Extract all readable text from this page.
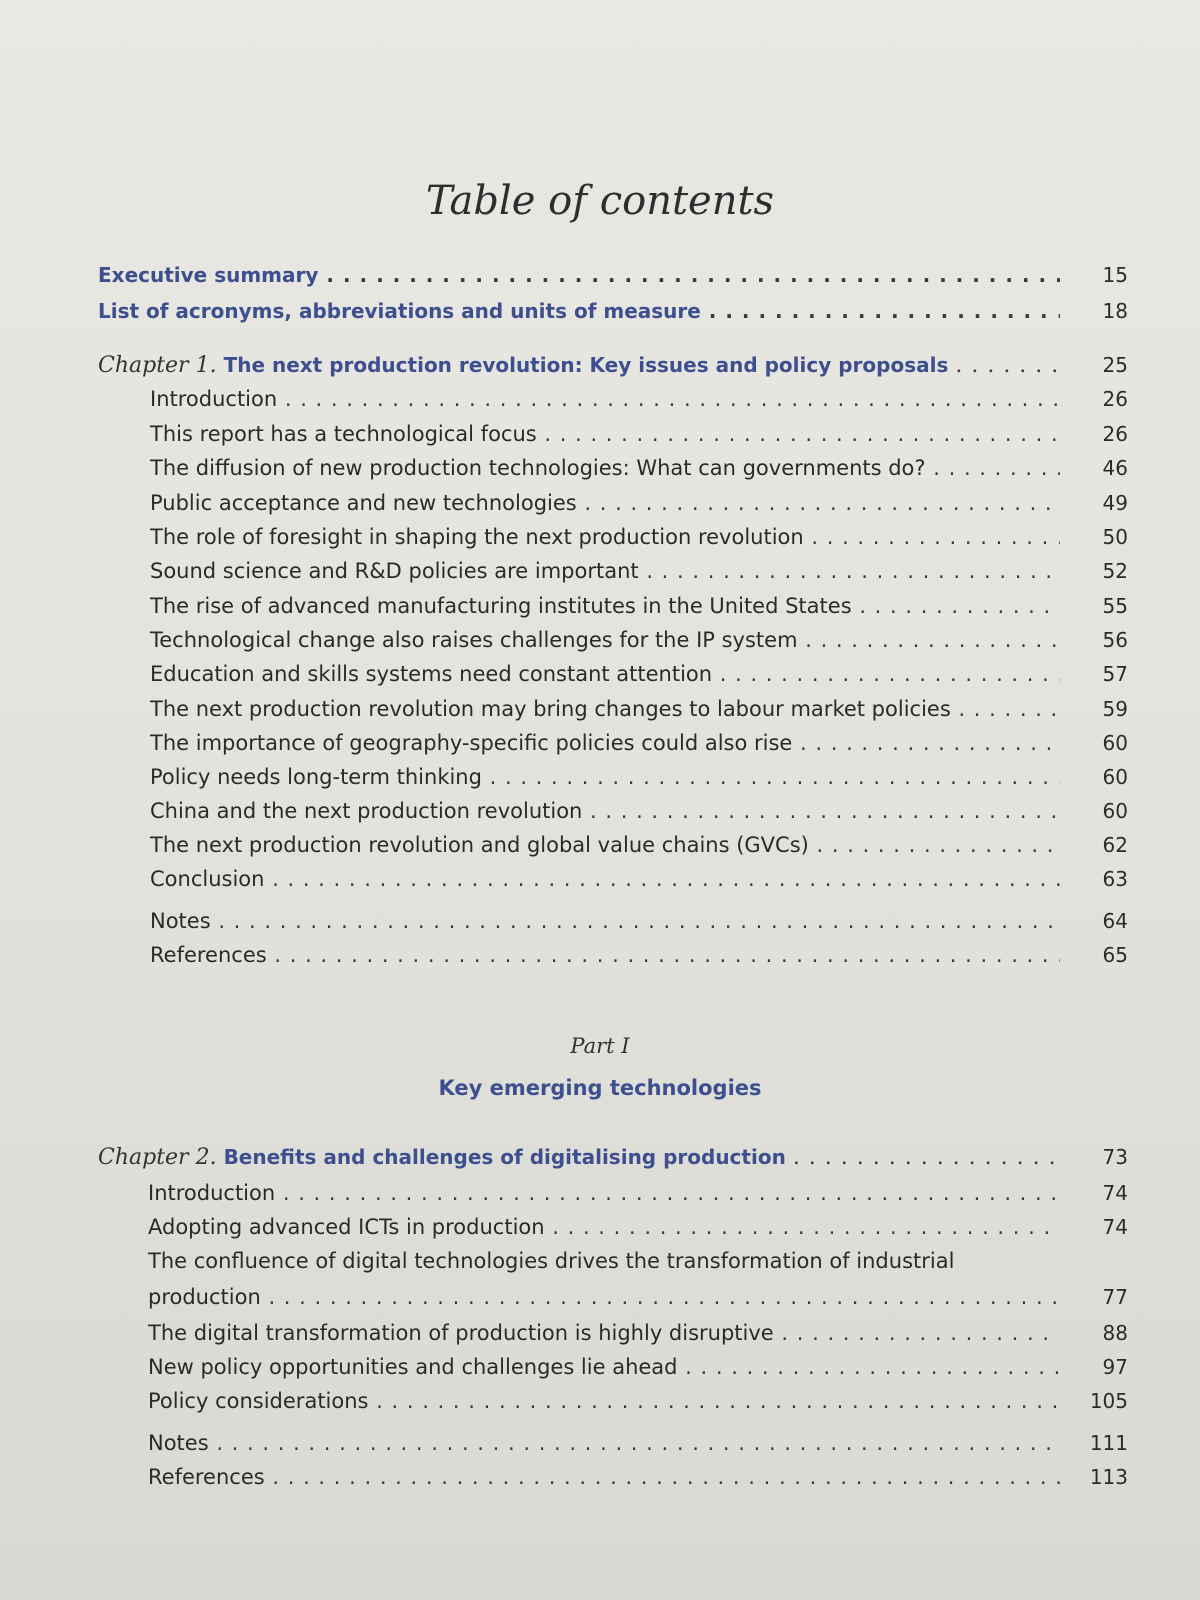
Table of contents
Executive summary . . .	15
List of acronyms, abbreviations and units of measure . . .	18
Chapter 1. The next production revolution: Key issues and policy proposals . . .	25
Introduction . . .	26
This report has a technological focus . . .	26
The diffusion of new production technologies: What can governments do? . . .	46
Public acceptance and new technologies . . .	49
The role of foresight in shaping the next production revolution . . .	50
Sound science and R&D policies are important . . .	52
The rise of advanced manufacturing institutes in the United States . . .	55
Technological change also raises challenges for the IP system . . .	56
Education and skills systems need constant attention . . .	57
The next production revolution may bring changes to labour market policies . . .	59
The importance of geography-specific policies could also rise . . .	60
Policy needs long-term thinking . . .	60
China and the next production revolution . . .	60
The next production revolution and global value chains (GVCs) . . .	62
Conclusion . . .	63
Notes . . .	64
References . . .	65
Part I
Key emerging technologies
Chapter 2. Benefits and challenges of digitalising production . . .	73
Introduction . . .	74
Adopting advanced ICTs in production . . .	74
The confluence of digital technologies drives the transformation of industrial
production . . .	77
The digital transformation of production is highly disruptive . . .	88
New policy opportunities and challenges lie ahead . . .	97
Policy considerations . . .	105
Notes . . .	111
References . . .	113
